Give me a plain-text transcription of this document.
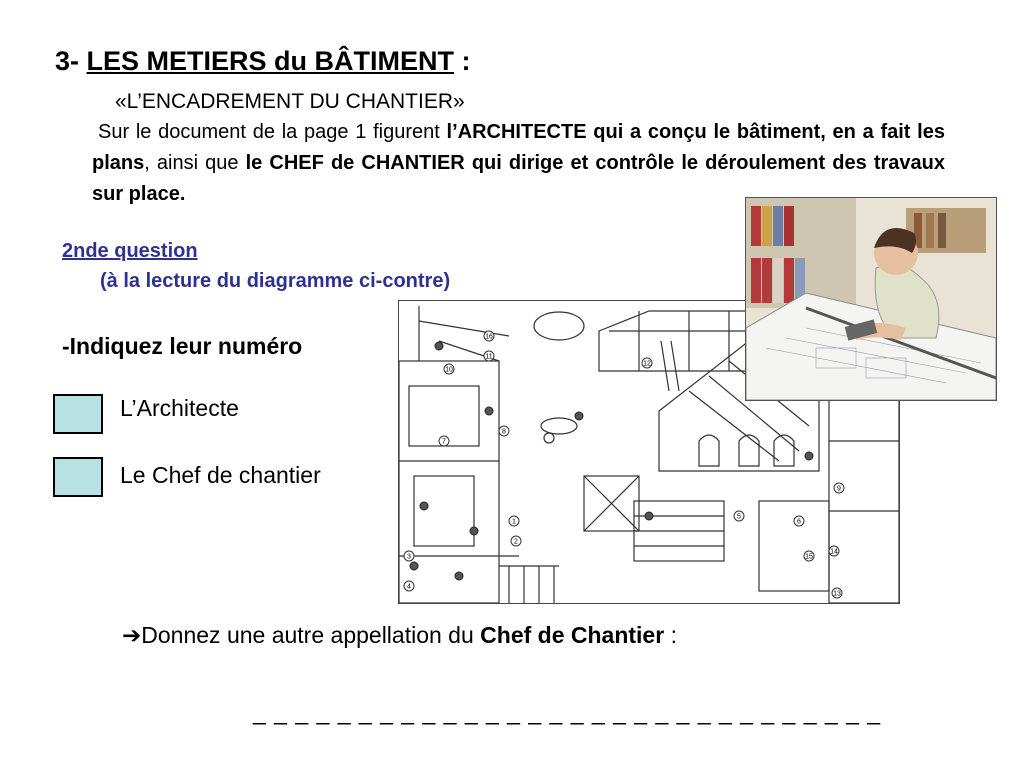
3- LES METIERS du BÂTIMENT :
«L’ENCADREMENT DU CHANTIER»
Sur le document de la page 1 figurent l’ARCHITECTE qui a conçu le bâtiment, en a fait les plans, ainsi que le CHEF de CHANTIER qui dirige et contrôle le déroulement des travaux sur place.
2nde question
(à la lecture du diagramme ci-contre)
-Indiquez leur numéro
L’Architecte
Le Chef de chantier
1
2
3
4
5
6
7
8
9
10
11
12
13
14
15
16
➔Donnez une autre appellation du Chef de Chantier :
_ _ _ _ _ _ _ _ _ _ _ _ _ _ _ _ _ _ _ _ _ _ _ _ _ _ _ _ _ _
